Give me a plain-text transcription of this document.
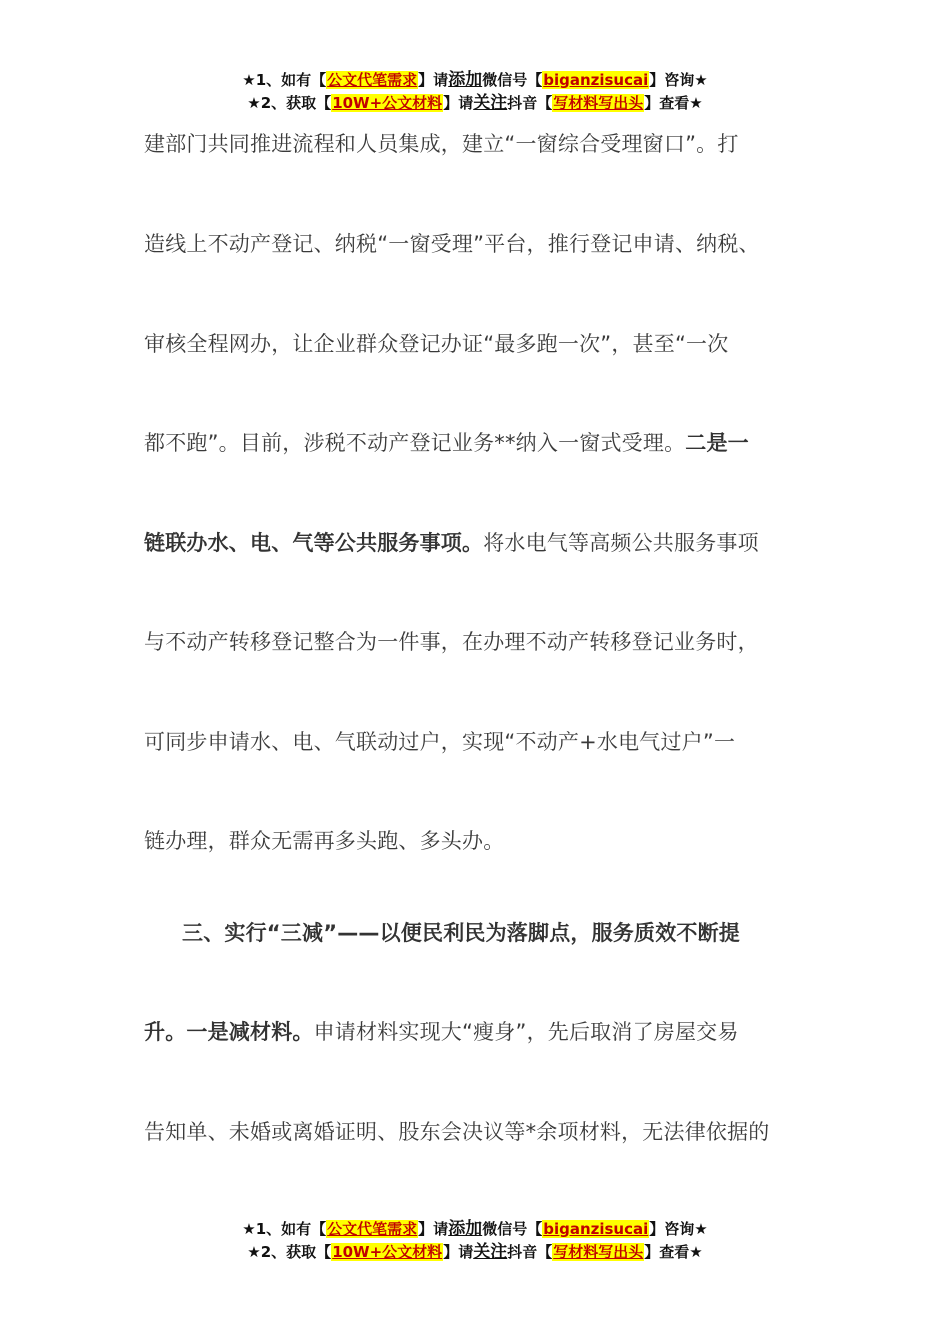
★1、如有【公文代笔需求】请添加微信号【biganzisucai】咨询★
★2、获取【10W+公文材料】请关注抖音【写材料写出头】查看★
建部门共同推进流程和人员集成，建立“一窗综合受理窗口”。打
造线上不动产登记、纳税“一窗受理”平台，推行登记申请、纳税、
审核全程网办，让企业群众登记办证“最多跑一次”，甚至“一次
都不跑”。目前，涉税不动产登记业务**纳入一窗式受理。二是一
链联办水、电、气等公共服务事项。将水电气等高频公共服务事项
与不动产转移登记整合为一件事，在办理不动产转移登记业务时，
可同步申请水、电、气联动过户，实现“不动产+水电气过户”一
链办理，群众无需再多头跑、多头办。
三、实行“三减”——以便民利民为落脚点，服务质效不断提
升。一是减材料。申请材料实现大“瘦身”，先后取消了房屋交易
告知单、未婚或离婚证明、股东会决议等*余项材料，无法律依据的
★1、如有【公文代笔需求】请添加微信号【biganzisucai】咨询★
★2、获取【10W+公文材料】请关注抖音【写材料写出头】查看★
